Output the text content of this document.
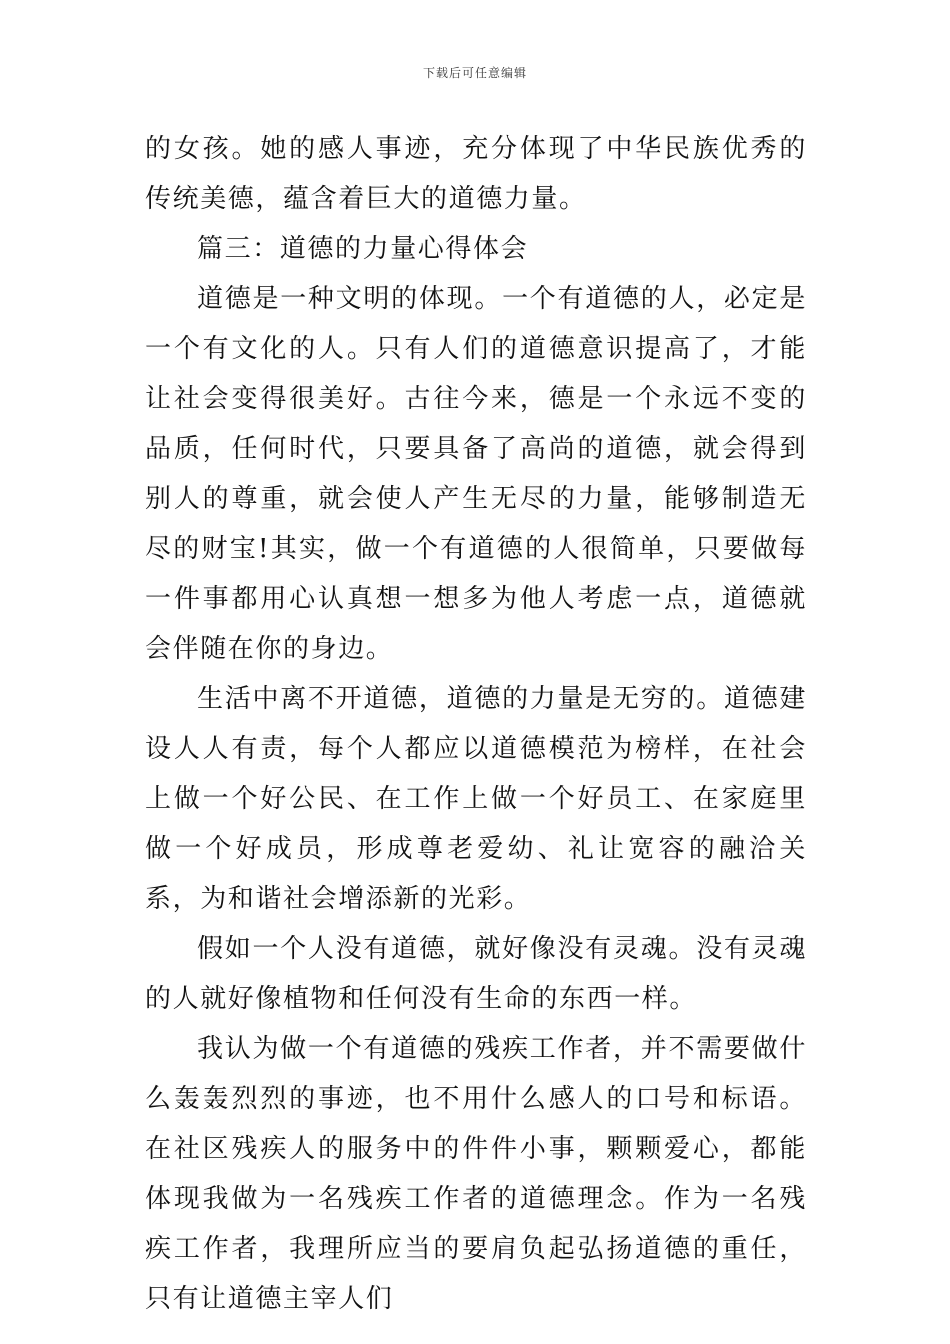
下载后可任意编辑

的女孩。她的感人事迹，充分体现了中华民族优秀的传统美德，蕴含着巨大的道德力量。

篇三：道德的力量心得体会

道德是一种文明的体现。一个有道德的人，必定是一个有文化的人。只有人们的道德意识提高了，才能让社会变得很美好。古往今来，德是一个永远不变的品质，任何时代，只要具备了高尚的道德，就会得到别人的尊重，就会使人产生无尽的力量，能够制造无尽的财宝!其实，做一个有道德的人很简单，只要做每一件事都用心认真想一想多为他人考虑一点，道德就会伴随在你的身边。

生活中离不开道德，道德的力量是无穷的。道德建设人人有责，每个人都应以道德模范为榜样，在社会上做一个好公民、在工作上做一个好员工、在家庭里做一个好成员，形成尊老爱幼、礼让宽容的融洽关系，为和谐社会增添新的光彩。

假如一个人没有道德，就好像没有灵魂。没有灵魂的人就好像植物和任何没有生命的东西一样。

我认为做一个有道德的残疾工作者，并不需要做什么轰轰烈烈的事迹，也不用什么感人的口号和标语。在社区残疾人的服务中的件件小事，颗颗爱心，都能体现我做为一名残疾工作者的道德理念。作为一名残疾工作者，我理所应当的要肩负起弘扬道德的重任，只有让道德主宰人们
